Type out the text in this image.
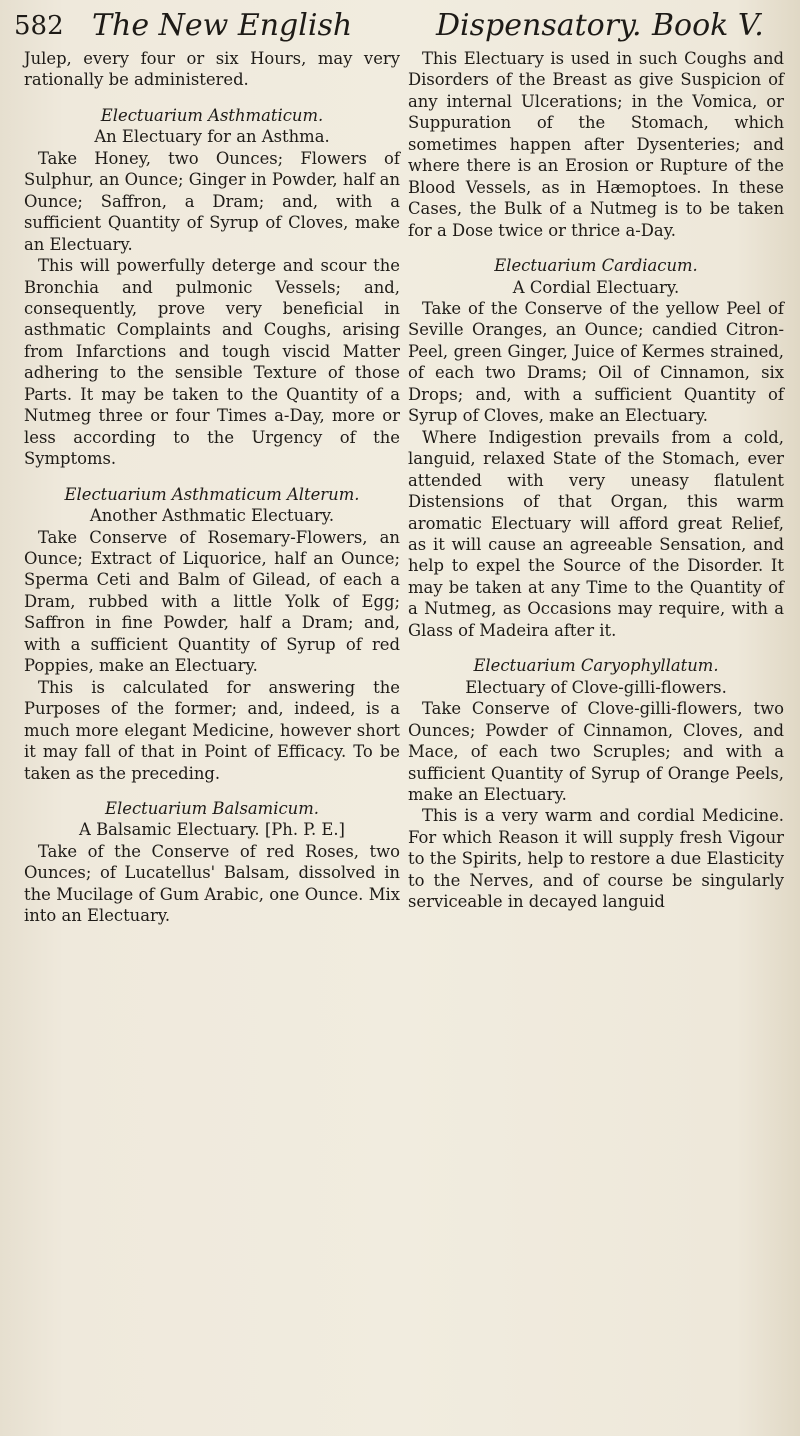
582 The New English	Dispensatory. Book V.

Julep, every four or six Hours, may very rationally be administered.

Electuarium Asthmaticum.
An Electuary for an Asthma.

Take Honey, two Ounces; Flowers of Sulphur, an Ounce; Ginger in Powder, half an Ounce; Saffron, a Dram; and, with a sufficient Quantity of Syrup of Cloves, make an Electuary.

This will powerfully deterge and scour the Bronchia and pulmonic Vessels; and, consequently, prove very beneficial in asthmatic Complaints and Coughs, arising from Infarctions and tough viscid Matter adhering to the sensible Texture of those Parts. It may be taken to the Quantity of a Nutmeg three or four Times a-Day, more or less according to the Urgency of the Symptoms.

Electuarium Asthmaticum Alterum.
Another Asthmatic Electuary.

Take Conserve of Rosemary-Flowers, an Ounce; Extract of Liquorice, half an Ounce; Sperma Ceti and Balm of Gilead, of each a Dram, rubbed with a little Yolk of Egg; Saffron in fine Powder, half a Dram; and, with a sufficient Quantity of Syrup of red Poppies, make an Electuary.

This is calculated for answering the Purposes of the former; and, indeed, is a much more elegant Medicine, however short it may fall of that in Point of Efficacy. To be taken as the preceding.

Electuarium Balsamicum.
A Balsamic Electuary. [Ph. P. E.]

Take of the Conserve of red Roses, two Ounces; of Lucatellus' Balsam, dissolved in the Mucilage of Gum Arabic, one Ounce. Mix into an Electuary.

This Electuary is used in such Coughs and Disorders of the Breast as give Suspicion of any internal Ulcerations; in the Vomica, or Suppuration of the Stomach, which sometimes happen after Dysenteries; and where there is an Erosion or Rupture of the Blood Vessels, as in Hæmoptoes. In these Cases, the Bulk of a Nutmeg is to be taken for a Dose twice or thrice a-Day.

Electuarium Cardiacum.
A Cordial Electuary.

Take of the Conserve of the yellow Peel of Seville Oranges, an Ounce; candied Citron-Peel, green Ginger, Juice of Kermes strained, of each two Drams; Oil of Cinnamon, six Drops; and, with a sufficient Quantity of Syrup of Cloves, make an Electuary.

Where Indigestion prevails from a cold, languid, relaxed State of the Stomach, ever attended with very uneasy flatulent Distensions of that Organ, this warm aromatic Electuary will afford great Relief, as it will cause an agreeable Sensation, and help to expel the Source of the Disorder. It may be taken at any Time to the Quantity of a Nutmeg, as Occasions may require, with a Glass of Madeira after it.

Electuarium Caryophyllatum.
Electuary of Clove-gilli-flowers.

Take Conserve of Clove-gilli-flowers, two Ounces; Powder of Cinnamon, Cloves, and Mace, of each two Scruples; and with a sufficient Quantity of Syrup of Orange Peels, make an Electuary.

This is a very warm and cordial Medicine. For which Reason it will supply fresh Vigour to the Spirits, help to restore a due Elasticity to the Nerves, and of course be singularly serviceable in decayed languid
